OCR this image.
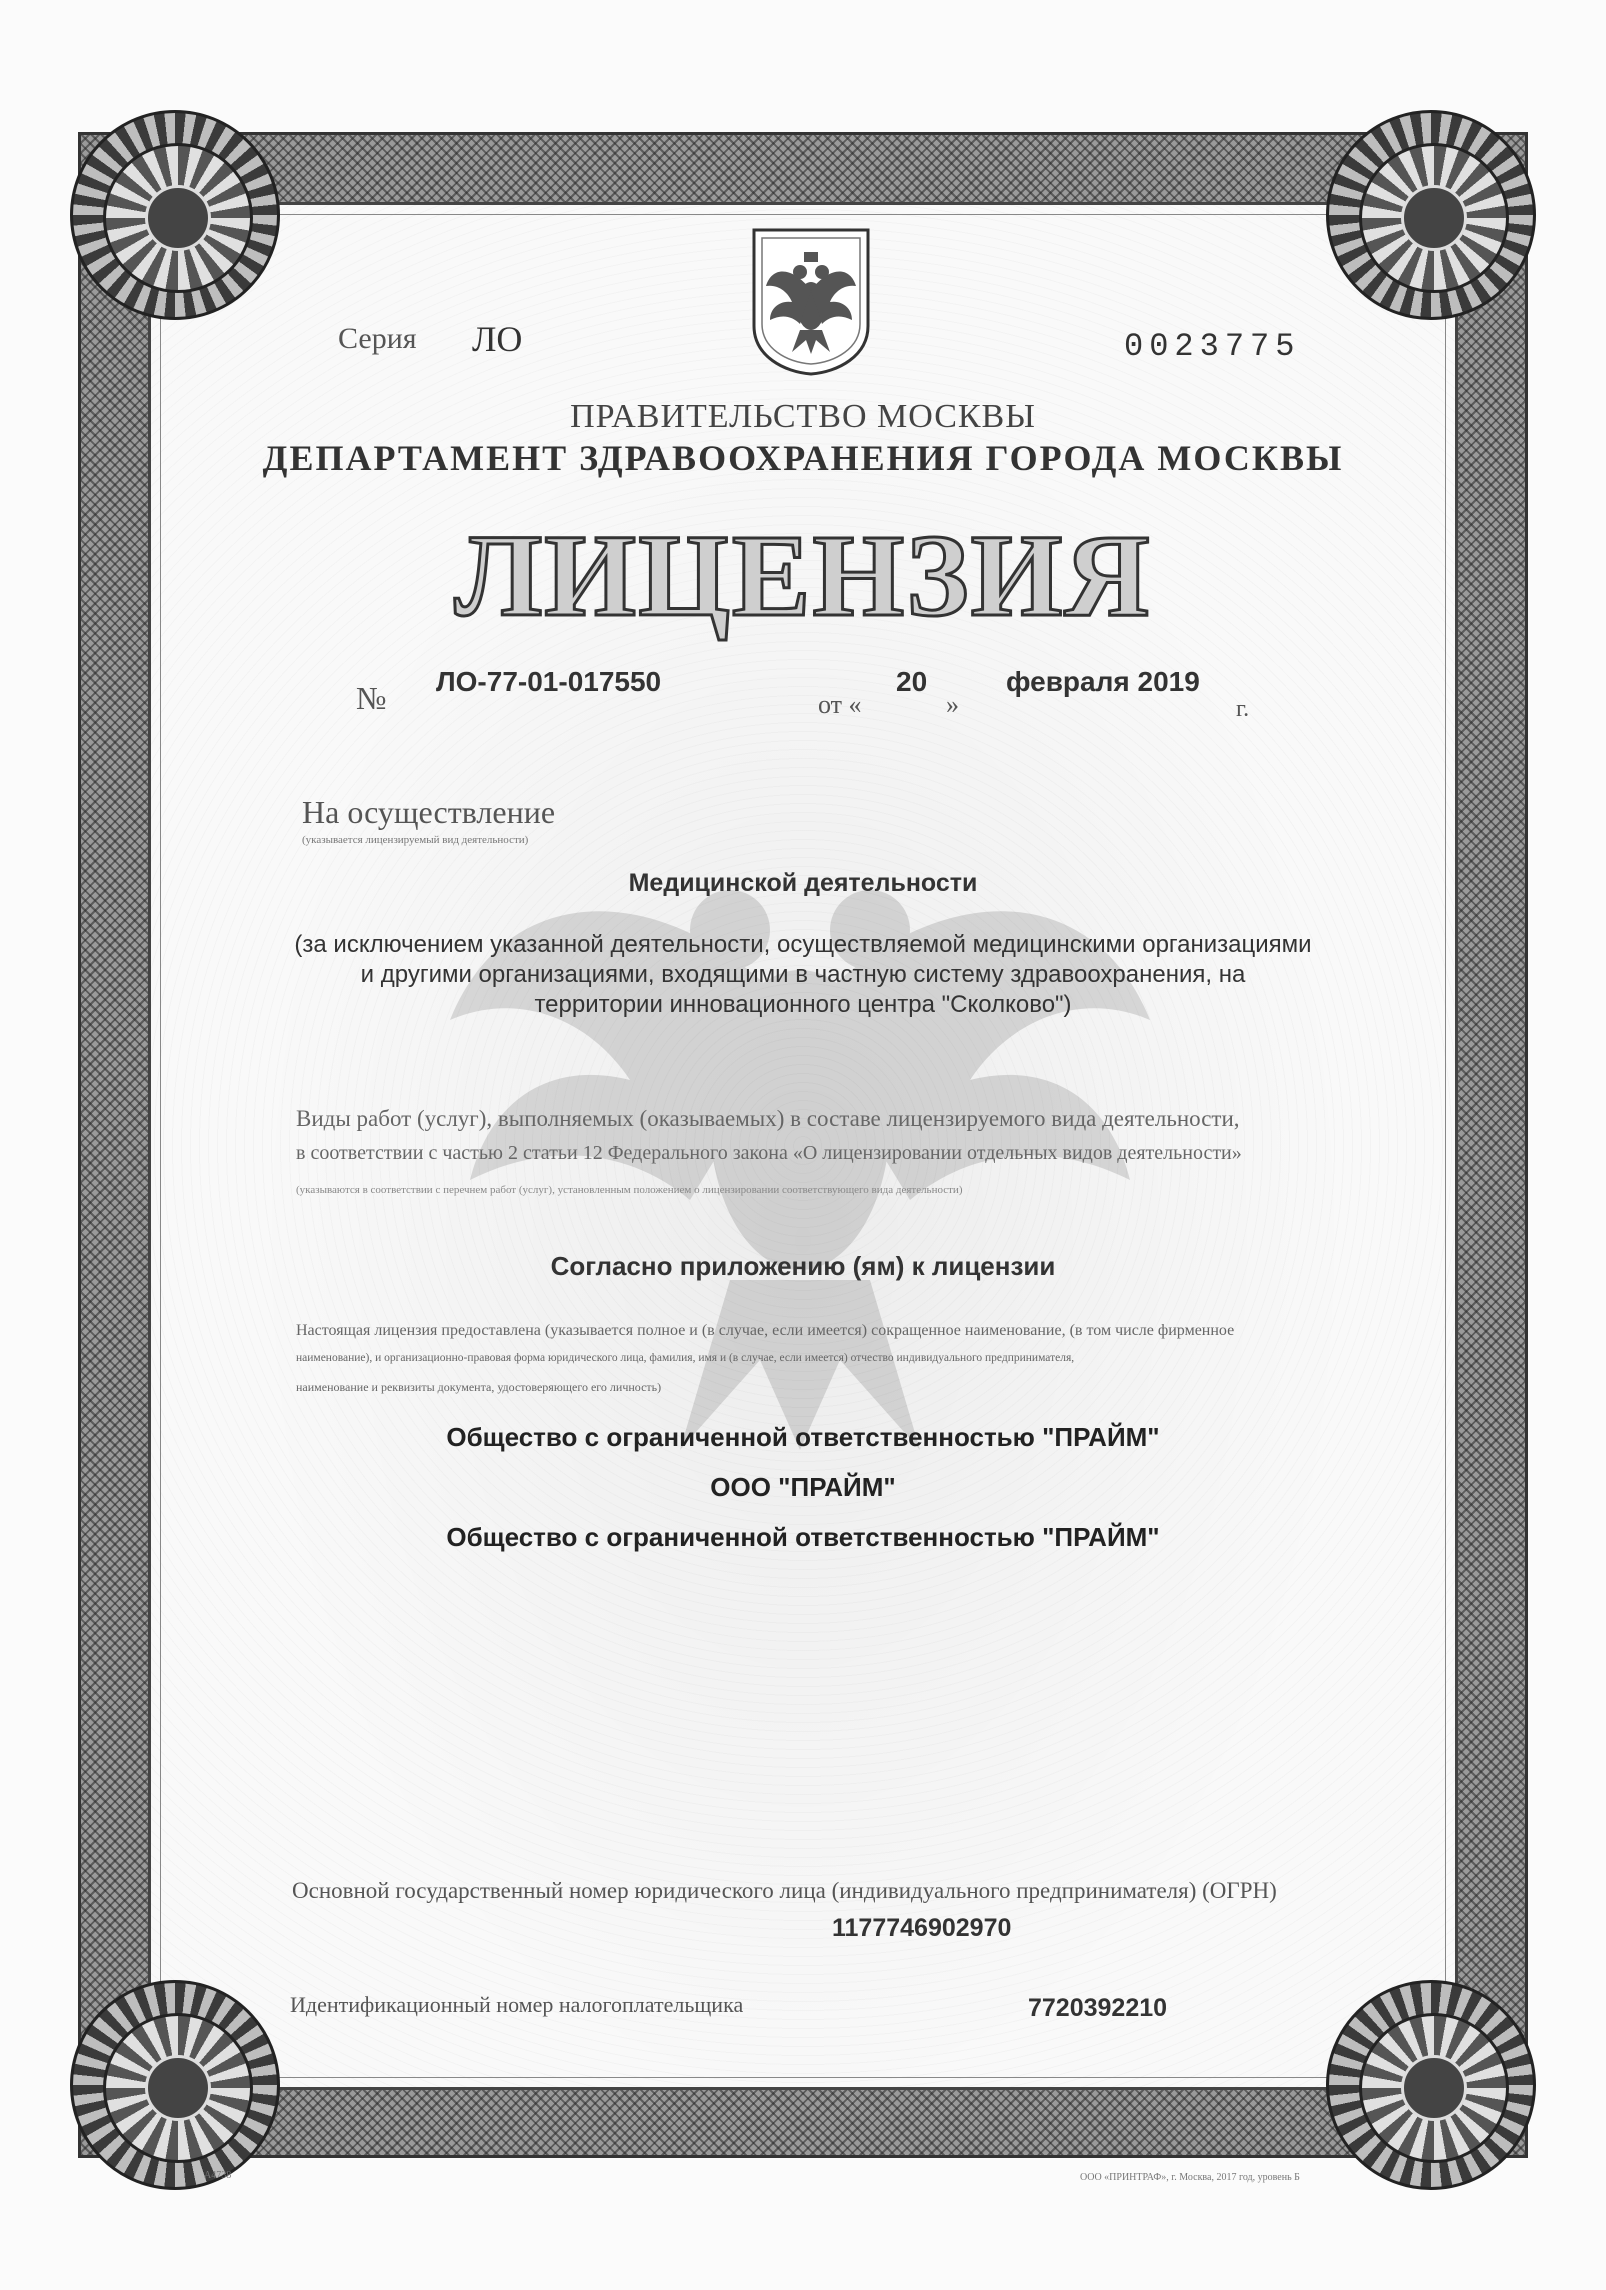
Серия ЛО	0023775
ПРАВИТЕЛЬСТВО МОСКВЫ
ДЕПАРТАМЕНТ ЗДРАВООХРАНЕНИЯ ГОРОДА МОСКВЫ
ЛИЦЕНЗИЯ
№ ЛО-77-01-017550
от «
20
»
февраля 2019
г.
На осуществление
(указывается лицензируемый вид деятельности)
Медицинской деятельности
(за исключением указанной деятельности, осуществляемой медицинскими организациями
и другими организациями, входящими в частную систему здравоохранения, на
территории инновационного центра "Сколково")
Виды работ (услуг), выполняемых (оказываемых) в составе лицензируемого вида деятельности,
в соответствии с частью 2 статьи 12 Федерального закона «О лицензировании отдельных видов деятельности»
(указываются в соответствии с перечнем работ (услуг), установленным положением о лицензировании соответствующего вида деятельности)
Согласно приложению (ям) к лицензии
Настоящая лицензия предоставлена (указывается полное и (в случае, если имеется) сокращенное наименование, (в том числе фирменное
наименование), и организационно-правовая форма юридического лица, фамилия, имя и (в случае, если имеется) отчество индивидуального предпринимателя,
наименование и реквизиты документа, удостоверяющего его личность)
Общество с ограниченной ответственностью "ПРАЙМ"
ООО "ПРАЙМ"
Общество с ограниченной ответственностью "ПРАЙМ"
Основной государственный номер юридического лица (индивидуального предпринимателя) (ОГРН)
1177746902970
Идентификационный номер налогоплательщика	7720392210
А4738	ООО «ПРИНТРАФ», г. Москва, 2017 год, уровень Б
